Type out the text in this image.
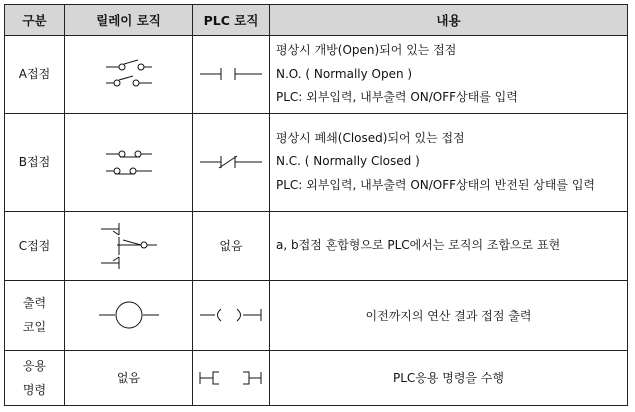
구분	릴레이 로직	PLC 로직	내용

A접점			평상시 개방(Open)되어 있는 접점
N.O. ( Normally Open )
PLC: 외부입력, 내부출력 ON/OFF상태를 입력

B접점			평상시 폐쇄(Closed)되어 있는 접점
N.C. ( Normally Closed )
PLC: 외부입력, 내부출력 ON/OFF상태의 반전된 상태를 입력

C접점		없음	a, b접점 혼합형으로 PLC에서는 로직의 조합으로 표현

출력
코일			이전까지의 연산 결과 접점 출력

응용
명령	없음		PLC응용 명령을 수행
